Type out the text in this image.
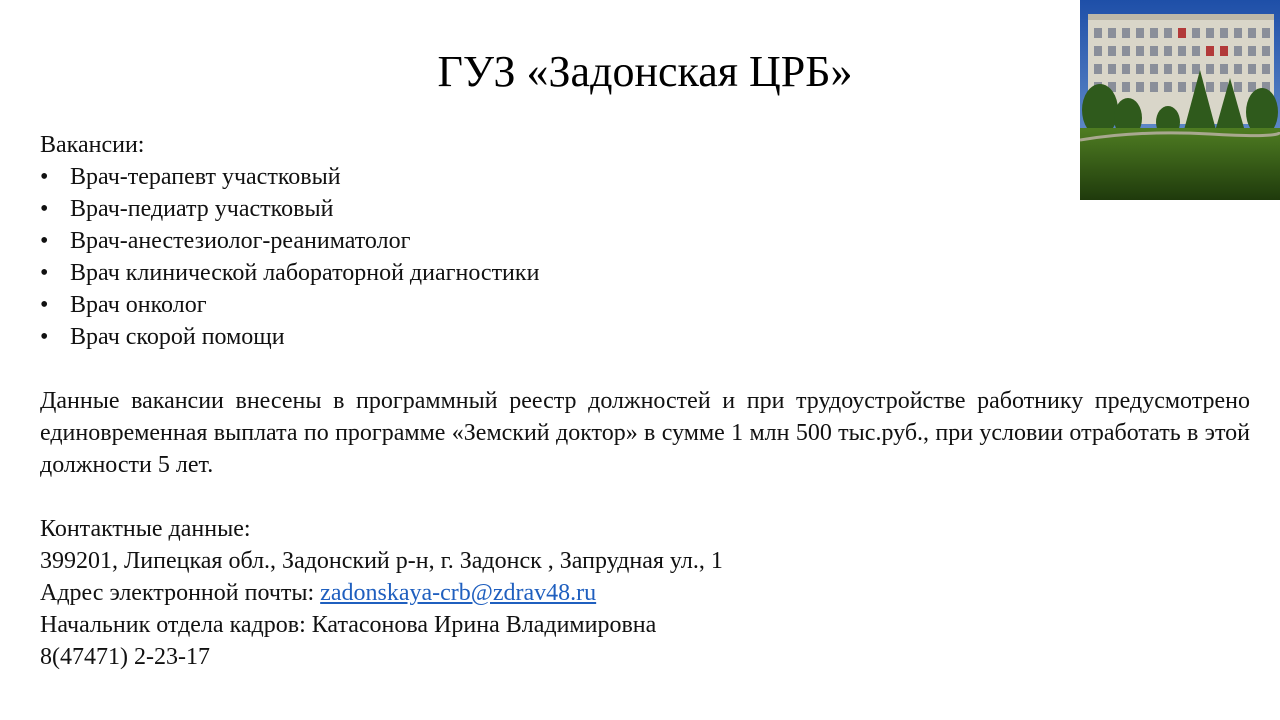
ГУЗ «Задонская ЦРБ»
Вакансии:
• Врач-терапевт участковый
• Врач-педиатр участковый
• Врач-анестезиолог-реаниматолог
• Врач клинической лабораторной диагностики
• Врач онколог
• Врач скорой помощи
Данные вакансии внесены в программный реестр должностей и при трудоустройстве работнику предусмотрено единовременная выплата по программе «Земский доктор» в сумме 1 млн 500 тыс.руб., при условии отработать в этой должности 5 лет.
Контактные данные:
399201, Липецкая обл., Задонский р-н, г. Задонск , Запрудная ул., 1
Адрес электронной почты: zadonskaya-crb@zdrav48.ru
Начальник отдела кадров: Катасонова Ирина Владимировна
8(47471) 2-23-17
